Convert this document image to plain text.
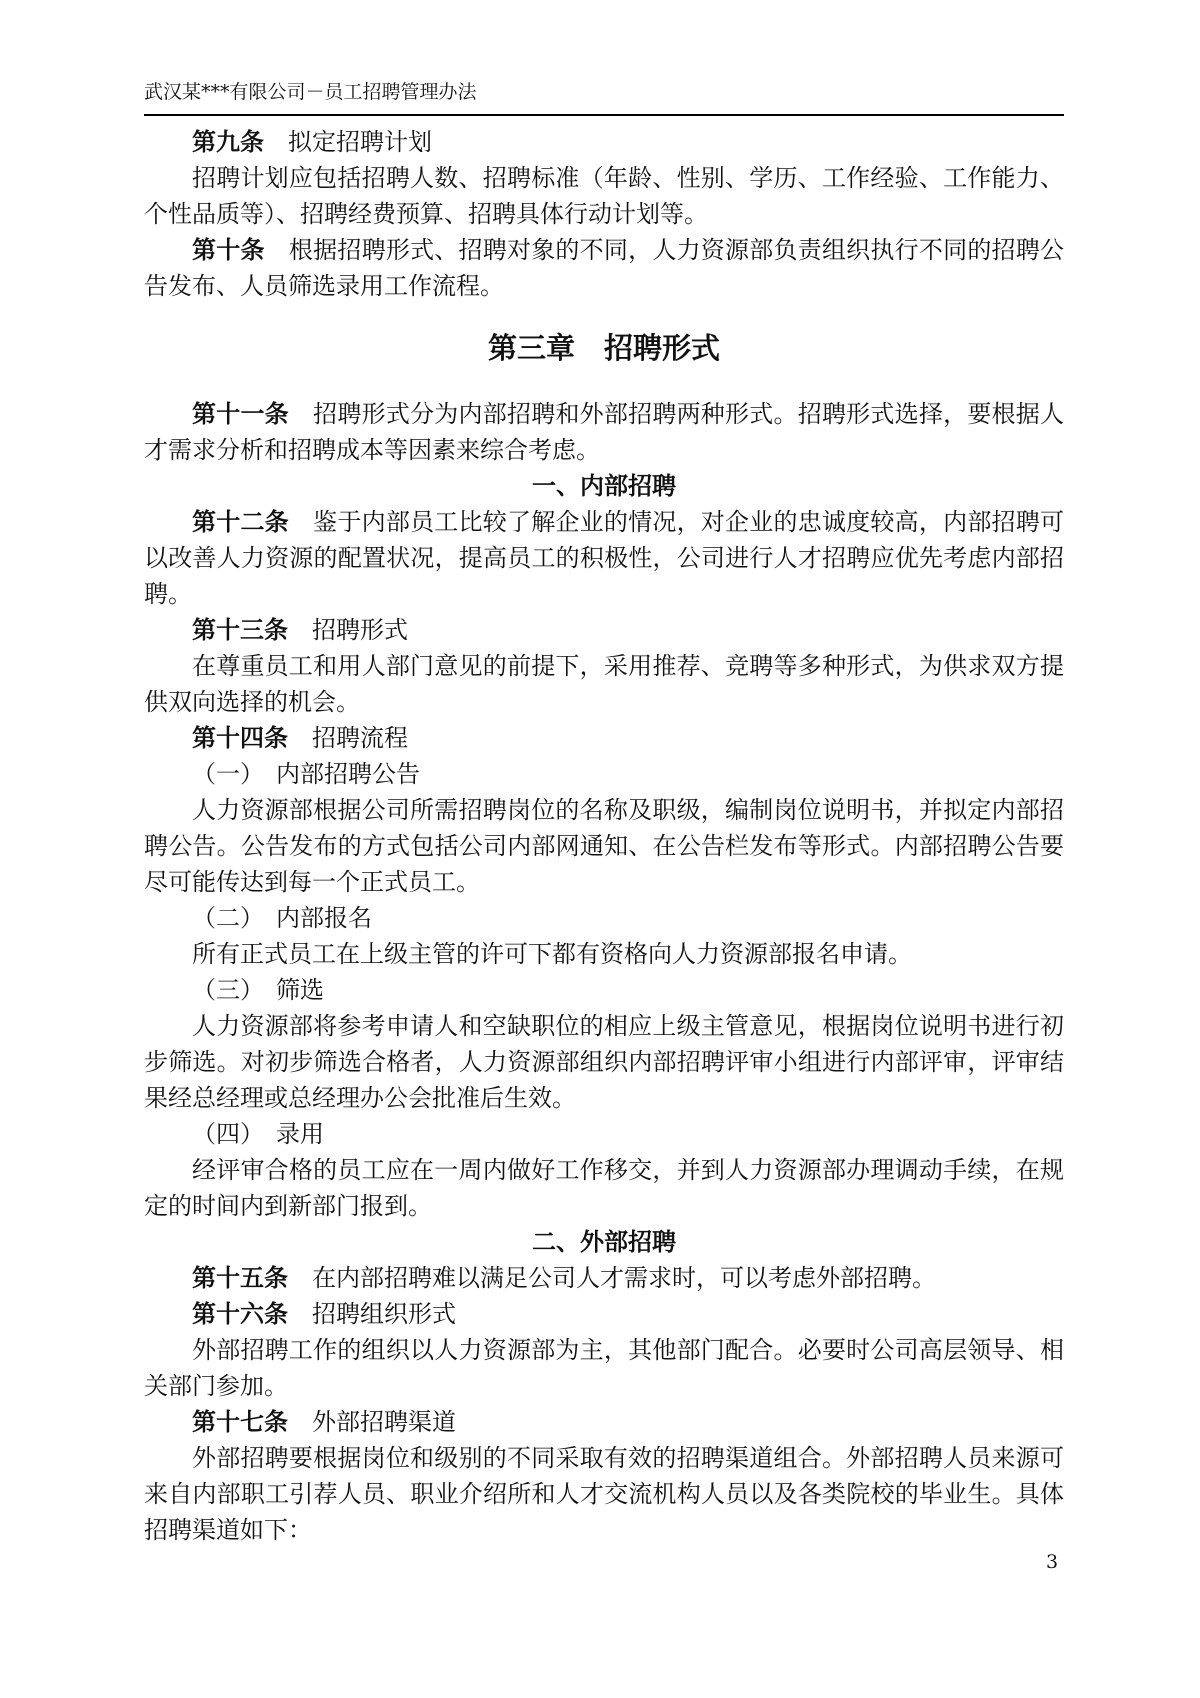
武汉某***有限公司－员工招聘管理办法

第九条　 拟定招聘计划

招聘计划应包括招聘人数、招聘标准（年龄、性别、学历、工作经验、工作能力、个性品质等）、招聘经费预算、招聘具体行动计划等。

第十条　 根据招聘形式、招聘对象的不同，人力资源部负责组织执行不同的招聘公告发布、人员筛选录用工作流程。

第三章　招聘形式

第十一条　 招聘形式分为内部招聘和外部招聘两种形式。招聘形式选择，要根据人才需求分析和招聘成本等因素来综合考虑。

一、内部招聘

第十二条　 鉴于内部员工比较了解企业的情况，对企业的忠诚度较高，内部招聘可以改善人力资源的配置状况，提高员工的积极性，公司进行人才招聘应优先考虑内部招聘。

第十三条　 招聘形式

在尊重员工和用人部门意见的前提下，采用推荐、竞聘等多种形式，为供求双方提供双向选择的机会。

第十四条　 招聘流程

（一）　内部招聘公告

人力资源部根据公司所需招聘岗位的名称及职级，编制岗位说明书，并拟定内部招聘公告。公告发布的方式包括公司内部网通知、在公告栏发布等形式。内部招聘公告要尽可能传达到每一个正式员工。

（二）　内部报名

所有正式员工在上级主管的许可下都有资格向人力资源部报名申请。

（三）　筛选

人力资源部将参考申请人和空缺职位的相应上级主管意见，根据岗位说明书进行初步筛选。对初步筛选合格者，人力资源部组织内部招聘评审小组进行内部评审，评审结果经总经理或总经理办公会批准后生效。

（四）　录用

经评审合格的员工应在一周内做好工作移交，并到人力资源部办理调动手续，在规定的时间内到新部门报到。

二、外部招聘

第十五条　 在内部招聘难以满足公司人才需求时，可以考虑外部招聘。

第十六条　 招聘组织形式

外部招聘工作的组织以人力资源部为主，其他部门配合。必要时公司高层领导、相关部门参加。

第十七条　 外部招聘渠道

外部招聘要根据岗位和级别的不同采取有效的招聘渠道组合。外部招聘人员来源可来自内部职工引荐人员、职业介绍所和人才交流机构人员以及各类院校的毕业生。具体招聘渠道如下：

3
